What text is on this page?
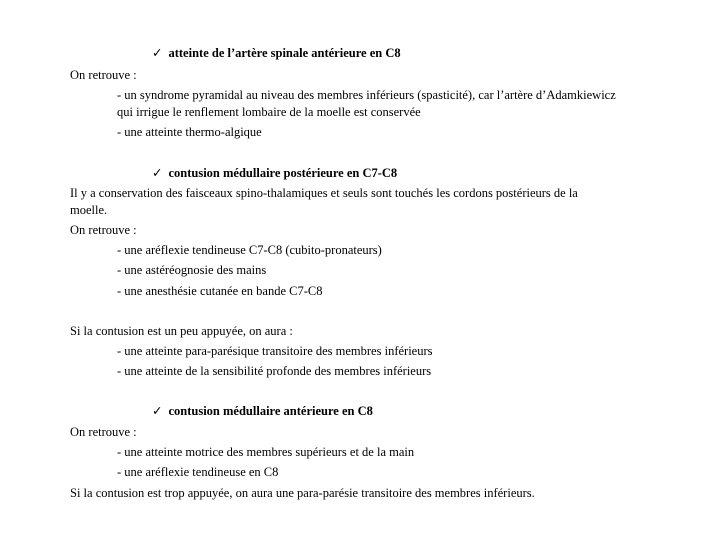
✓ atteinte de l’artère spinale antérieure en C8
On retrouve :
- un syndrome pyramidal au niveau des membres inférieurs (spasticité), car l’artère d’Adamkiewicz
qui irrigue le renflement lombaire de la moelle est conservée
- une atteinte thermo-algique
✓ contusion médullaire postérieure en C7-C8
Il y a conservation des faisceaux spino-thalamiques et seuls sont touchés les cordons postérieurs de la
moelle.
On retrouve :
- une aréflexie tendineuse C7-C8 (cubito-pronateurs)
- une astéréognosie des mains
- une anesthésie cutanée en bande C7-C8
Si la contusion est un peu appuyée, on aura :
- une atteinte para-parésique transitoire des membres inférieurs
- une atteinte de la sensibilité profonde des membres inférieurs
✓ contusion médullaire antérieure en C8
On retrouve :
- une atteinte motrice des membres supérieurs et de la main
- une aréflexie tendineuse en C8
Si la contusion est trop appuyée, on aura une para-parésie transitoire des membres inférieurs.
